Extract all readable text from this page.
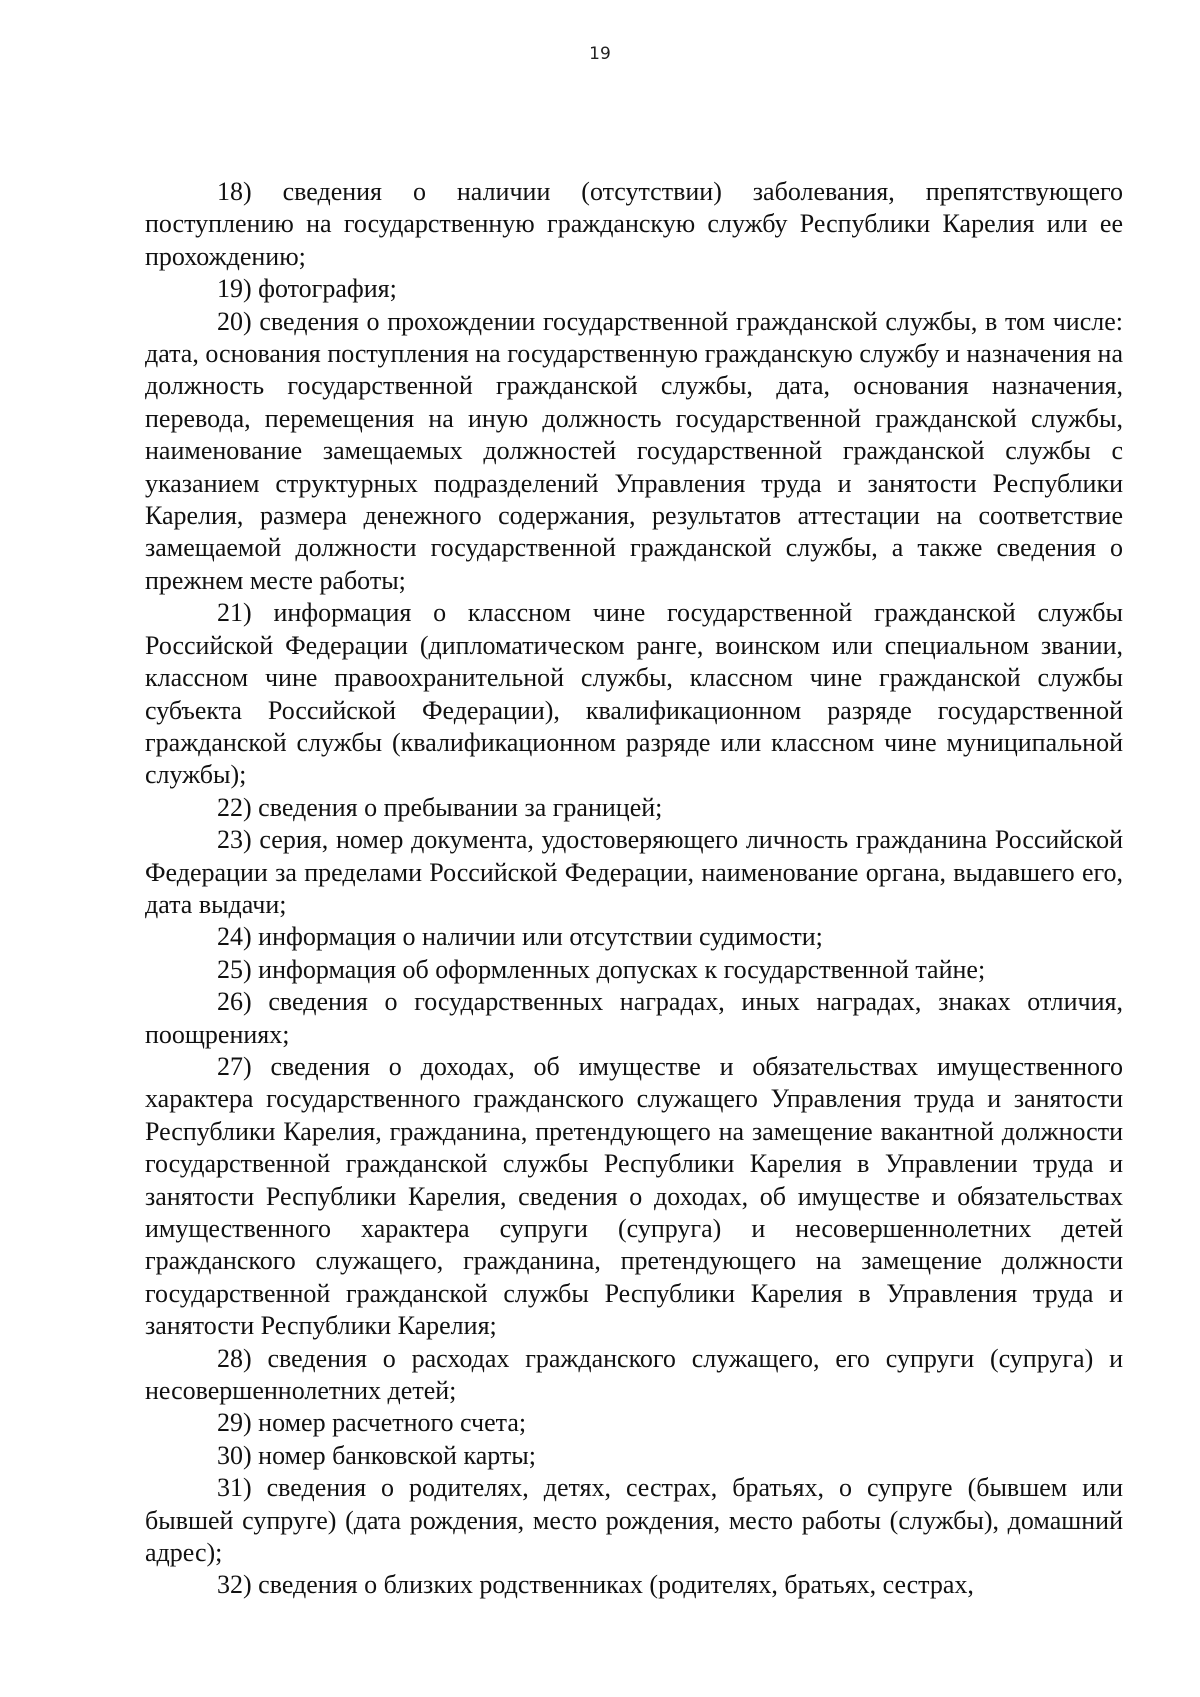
19

18) сведения о наличии (отсутствии) заболевания, препятствующего поступлению на государственную гражданскую службу Республики Карелия или ее прохождению;

19) фотография;

20) сведения о прохождении государственной гражданской службы, в том числе: дата, основания поступления на государственную гражданскую службу и назначения на должность государственной гражданской службы, дата, основания назначения, перевода, перемещения на иную должность государственной гражданской службы, наименование замещаемых должностей государственной гражданской службы с указанием структурных подразделений Управления труда и занятости Республики Карелия, размера денежного содержания, результатов аттестации на соответствие замещаемой должности государственной гражданской службы, а также сведения о прежнем месте работы;

21) информация о классном чине государственной гражданской службы Российской Федерации (дипломатическом ранге, воинском или специальном звании, классном чине правоохранительной службы, классном чине гражданской службы субъекта Российской Федерации), квалификационном разряде государственной гражданской службы (квалификационном разряде или классном чине муниципальной службы);

22) сведения о пребывании за границей;

23) серия, номер документа, удостоверяющего личность гражданина Российской Федерации за пределами Российской Федерации, наименование органа, выдавшего его, дата выдачи;

24) информация о наличии или отсутствии судимости;

25) информация об оформленных допусках к государственной тайне;

26) сведения о государственных наградах, иных наградах, знаках отличия, поощрениях;

27) сведения о доходах, об имуществе и обязательствах имущественного характера государственного гражданского служащего Управления труда и занятости Республики Карелия, гражданина, претендующего на замещение вакантной должности государственной гражданской службы Республики Карелия в Управлении труда и занятости Республики Карелия, сведения о доходах, об имуществе и обязательствах имущественного характера супруги (супруга) и несовершеннолетних детей гражданского служащего, гражданина, претендующего на замещение должности государственной гражданской службы Республики Карелия в Управления труда и занятости Республики Карелия;

28) сведения о расходах гражданского служащего, его супруги (супруга) и несовершеннолетних детей;

29) номер расчетного счета;

30) номер банковской карты;

31) сведения о родителях, детях, сестрах, братьях, о супруге (бывшем или бывшей супруге) (дата рождения, место рождения, место работы (службы), домашний адрес);

32) сведения о близких родственниках (родителях, братьях, сестрах,
